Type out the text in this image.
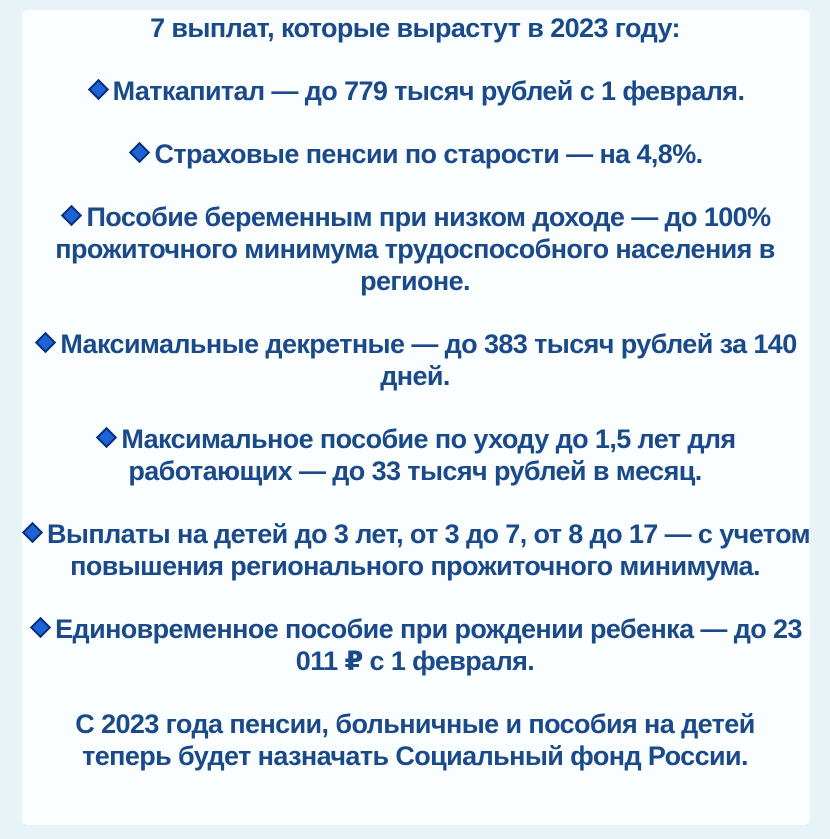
7 выплат, которые вырастут в 2023 году:
Маткапитал — до 779 тысяч рублей с 1 февраля.
Страховые пенсии по старости — на 4,8%.
Пособие беременным при низком доходе — до 100% прожиточного минимума трудоспособного населения в регионе.
Максимальные декретные — до 383 тысяч рублей за 140 дней.
Максимальное пособие по уходу до 1,5 лет для работающих — до 33 тысяч рублей в месяц.
Выплаты на детей до 3 лет, от 3 до 7, от 8 до 17 — с учетом повышения регионального прожиточного минимума.
Единовременное пособие при рождении ребенка — до 23 011 ₽ с 1 февраля.
С 2023 года пенсии, больничные и пособия на детей теперь будет назначать Социальный фонд России.
